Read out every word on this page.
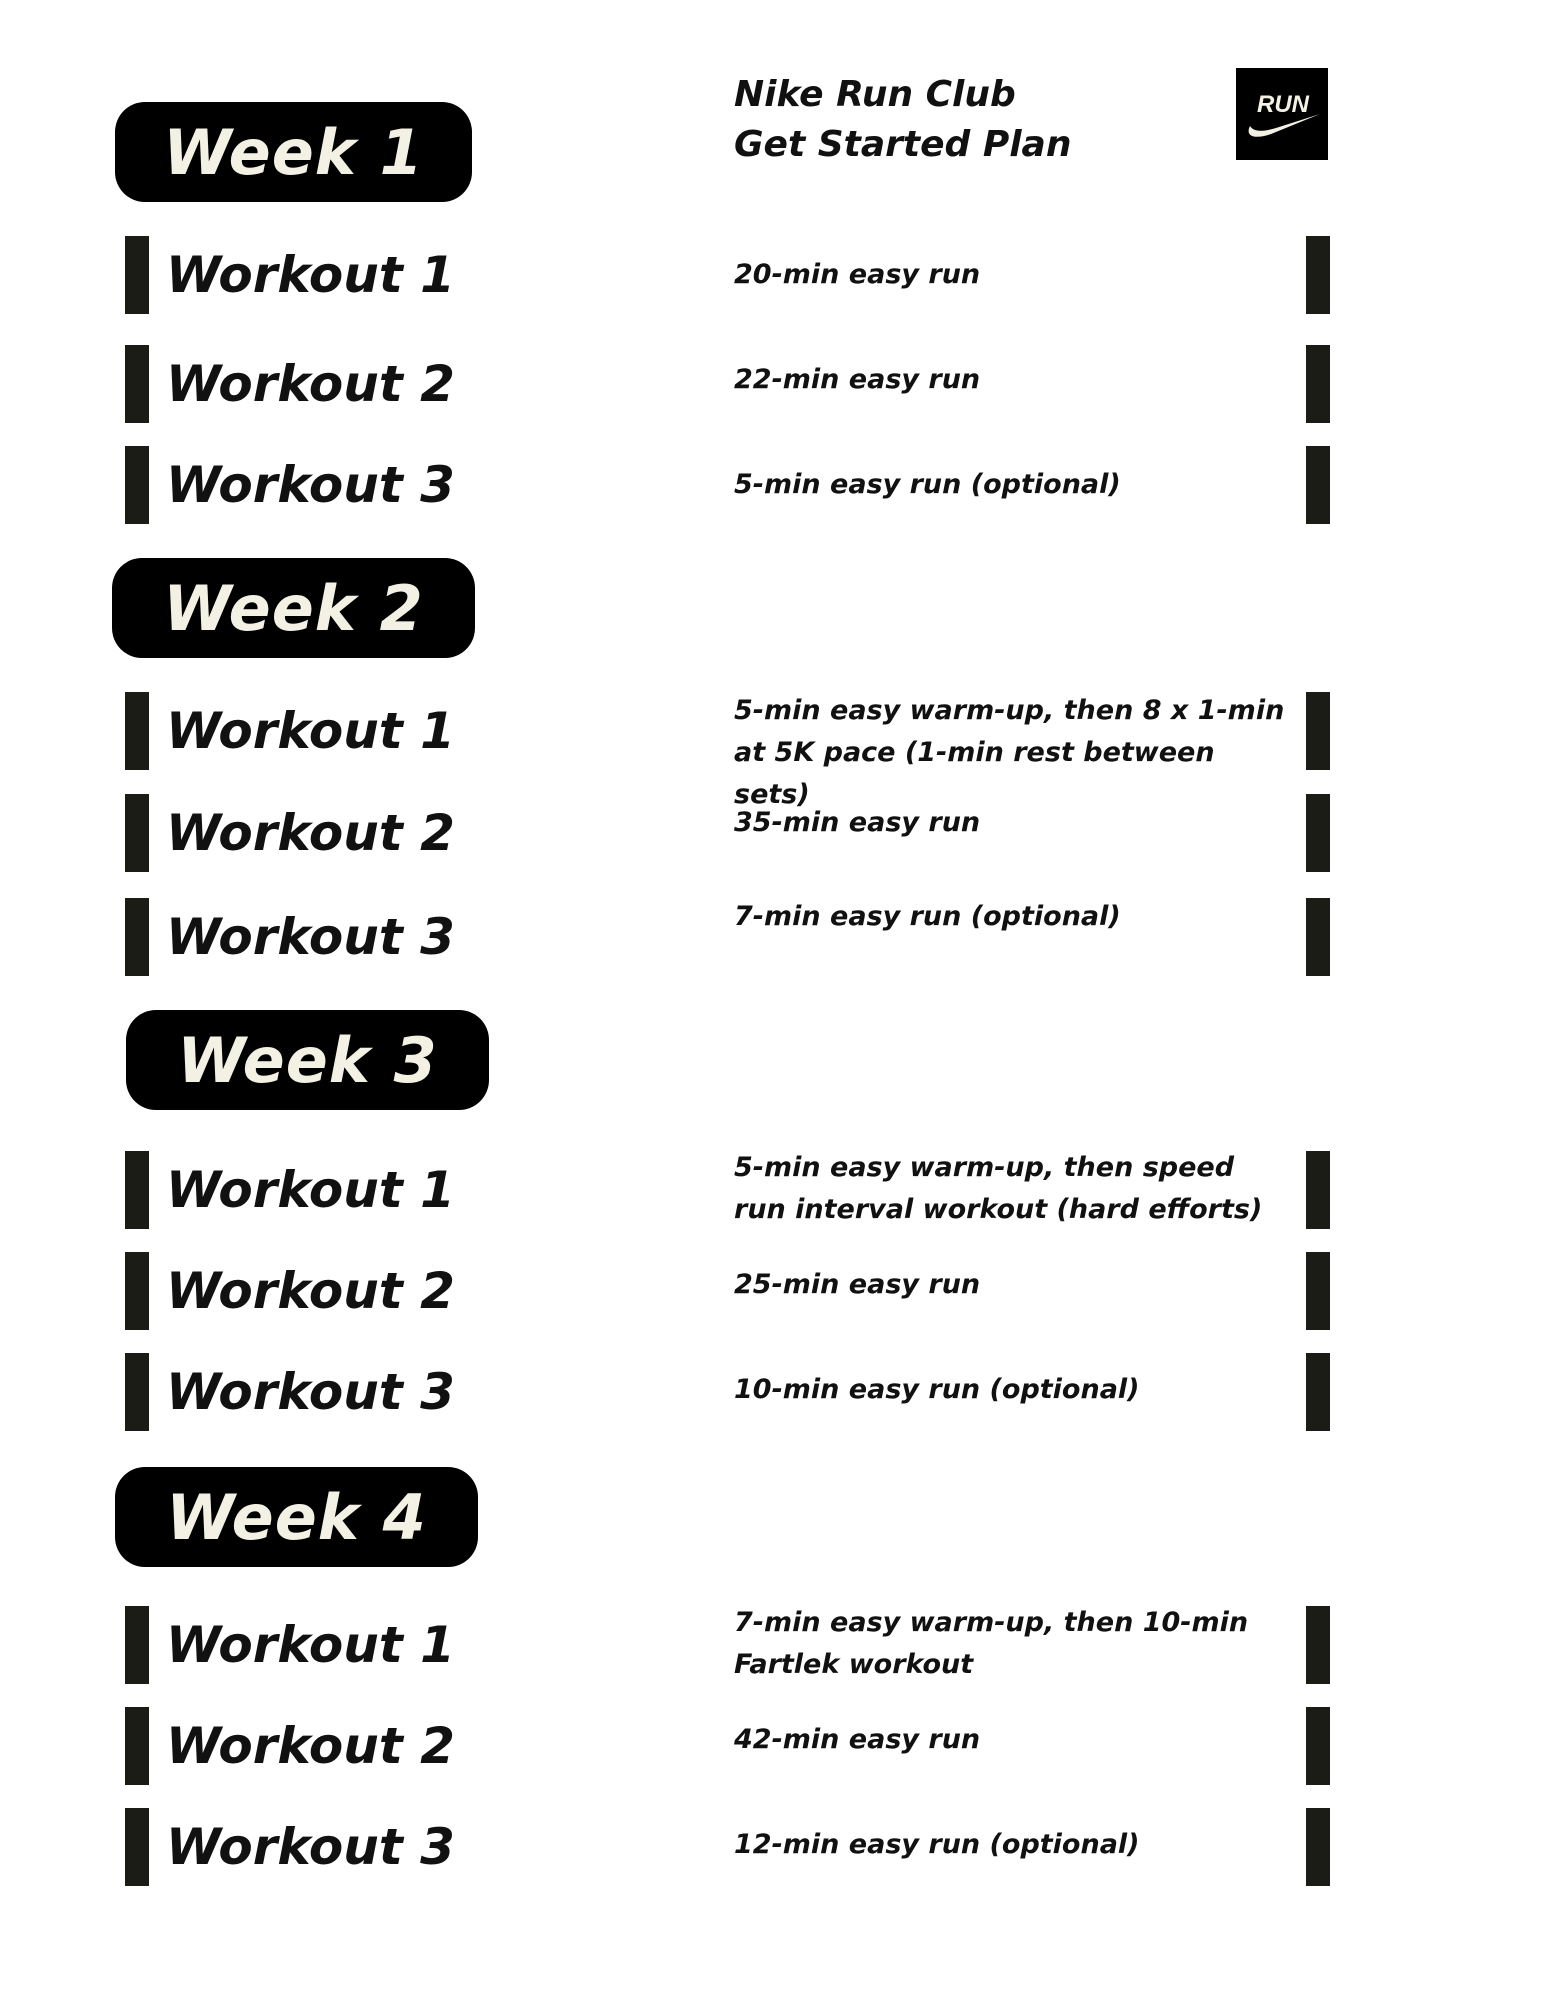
Nike Run Club
Get Started Plan
RUN
Week 1
Workout 1	20-min easy run
Workout 2	22-min easy run
Workout 3	5-min easy run (optional)
Week 2
Workout 1	5-min easy warm-up, then 8 x 1-min at 5K pace (1-min rest between sets)
Workout 2	35-min easy run
Workout 3	7-min easy run (optional)
Week 3
Workout 1	5-min easy warm-up, then speed run interval workout (hard efforts)
Workout 2	25-min easy run
Workout 3	10-min easy run (optional)
Week 4
Workout 1	7-min easy warm-up, then 10-min Fartlek workout
Workout 2	42-min easy run
Workout 3	12-min easy run (optional)
